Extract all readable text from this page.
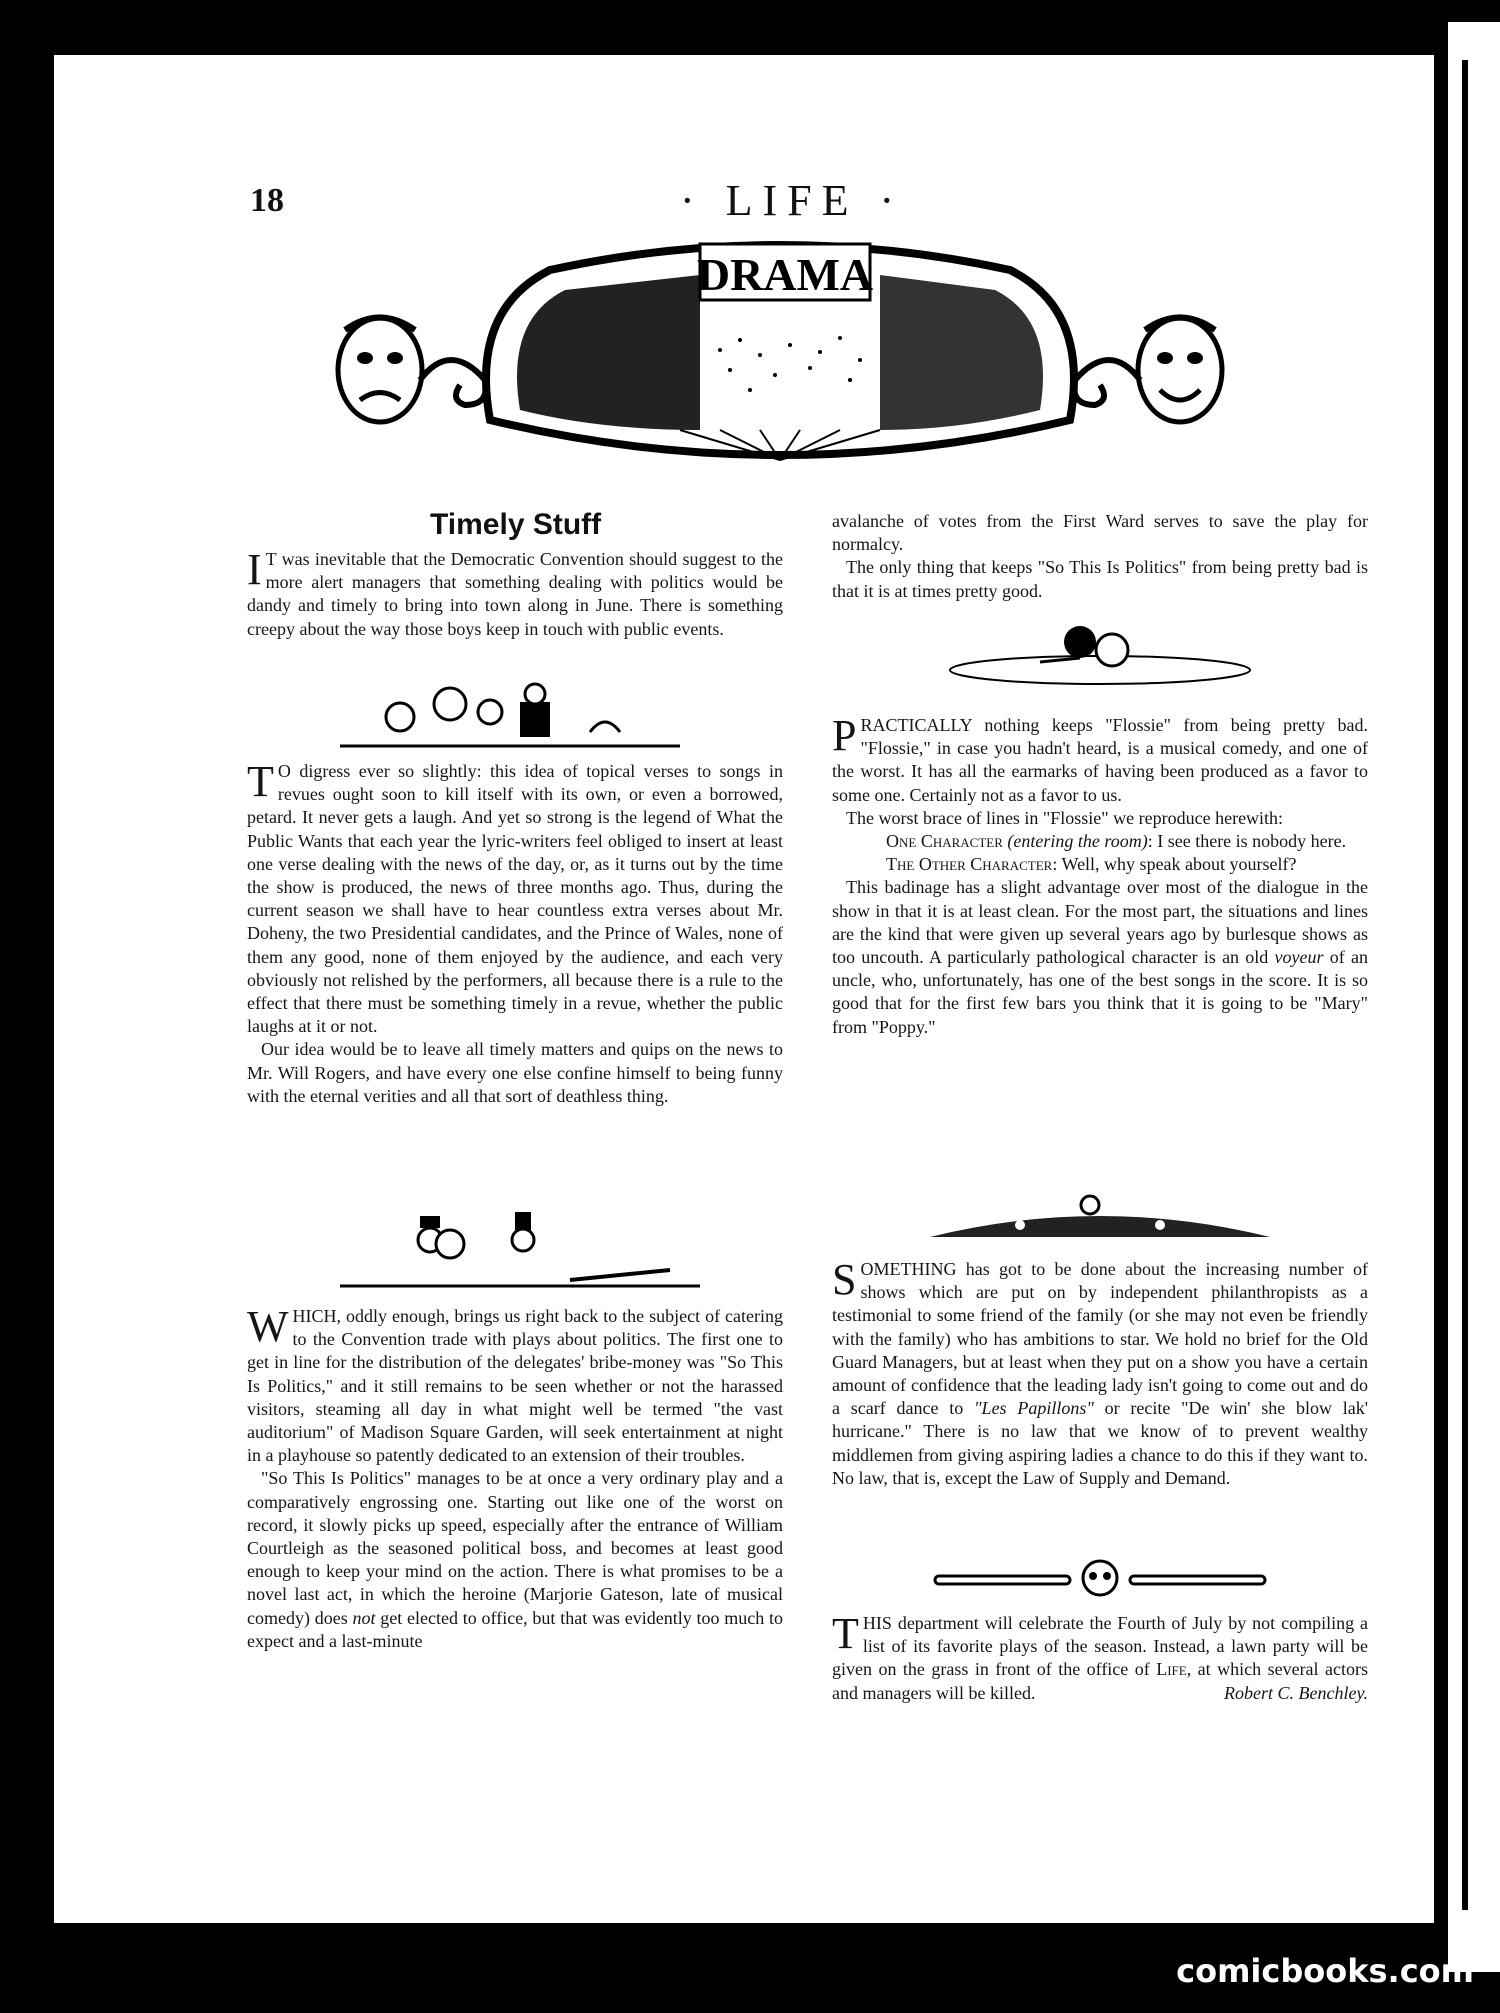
18	· LIFE ·
DRAMA
Timely Stuff

I T was inevitable that the Democratic Convention should suggest to the more alert managers that something dealing with politics would be dandy and timely to bring into town along in June. There is something creepy about the way those boys keep in touch with public events.

T O digress ever so slightly: this idea of topical verses to songs in revues ought soon to kill itself with its own, or even a borrowed, petard. It never gets a laugh. And yet so strong is the legend of What the Public Wants that each year the lyric-writers feel obliged to insert at least one verse dealing with the news of the day, or, as it turns out by the time the show is produced, the news of three months ago. Thus, during the current season we shall have to hear countless extra verses about Mr. Doheny, the two Presidential candidates, and the Prince of Wales, none of them any good, none of them enjoyed by the audience, and each very obviously not relished by the performers, all because there is a rule to the effect that there must be something timely in a revue, whether the public laughs at it or not.

Our idea would be to leave all timely matters and quips on the news to Mr. Will Rogers, and have every one else confine himself to being funny with the eternal verities and all that sort of deathless thing.

WHICH, oddly enough, brings us right back to the subject of catering to the Convention trade with plays about politics. The first one to get in line for the distribution of the delegates' bribe-money was "So This Is Politics," and it still remains to be seen whether or not the harassed visitors, steaming all day in what might well be termed "the vast auditorium" of Madison Square Garden, will seek entertainment at night in a playhouse so patently dedicated to an extension of their troubles.

"So This Is Politics" manages to be at once a very ordinary play and a comparatively engrossing one. Starting out like one of the worst on record, it slowly picks up speed, especially after the entrance of William Courtleigh as the seasoned political boss, and becomes at least good enough to keep your mind on the action. There is what promises to be a novel last act, in which the heroine (Marjorie Gateson, late of musical comedy) does not get elected to office, but that was evidently too much to expect and a last-minute

avalanche of votes from the First Ward serves to save the play for normalcy.

The only thing that keeps "So This Is Politics" from being pretty bad is that it is at times pretty good.

PRACTICALLY nothing keeps "Flossie" from being pretty bad. "Flossie," in case you hadn't heard, is a musical comedy, and one of the worst. It has all the earmarks of having been produced as a favor to some one. Certainly not as a favor to us.

The worst brace of lines in "Flossie" we reproduce herewith:

One Character (entering the room): I see there is nobody here.

The Other Character: Well, why speak about yourself?

This badinage has a slight advantage over most of the dialogue in the show in that it is at least clean. For the most part, the situations and lines are the kind that were given up several years ago by burlesque shows as too uncouth. A particularly pathological character is an old voyeur of an uncle, who, unfortunately, has one of the best songs in the score. It is so good that for the first few bars you think that it is going to be "Mary" from "Poppy."

SOMETHING has got to be done about the increasing number of shows which are put on by independent philanthropists as a testimonial to some friend of the family (or she may not even be friendly with the family) who has ambitions to star. We hold no brief for the Old Guard Managers, but at least when they put on a show you have a certain amount of confidence that the leading lady isn't going to come out and do a scarf dance to "Les Papillons" or recite "De win' she blow lak' hurricane." There is no law that we know of to prevent wealthy middlemen from giving aspiring ladies a chance to do this if they want to. No law, that is, except the Law of Supply and Demand.

THIS department will celebrate the Fourth of July by not compiling a list of its favorite plays of the season. Instead, a lawn party will be given on the grass in front of the office of Life, at which several actors and managers will be killed.	Robert C. Benchley.

comicbooks.com
